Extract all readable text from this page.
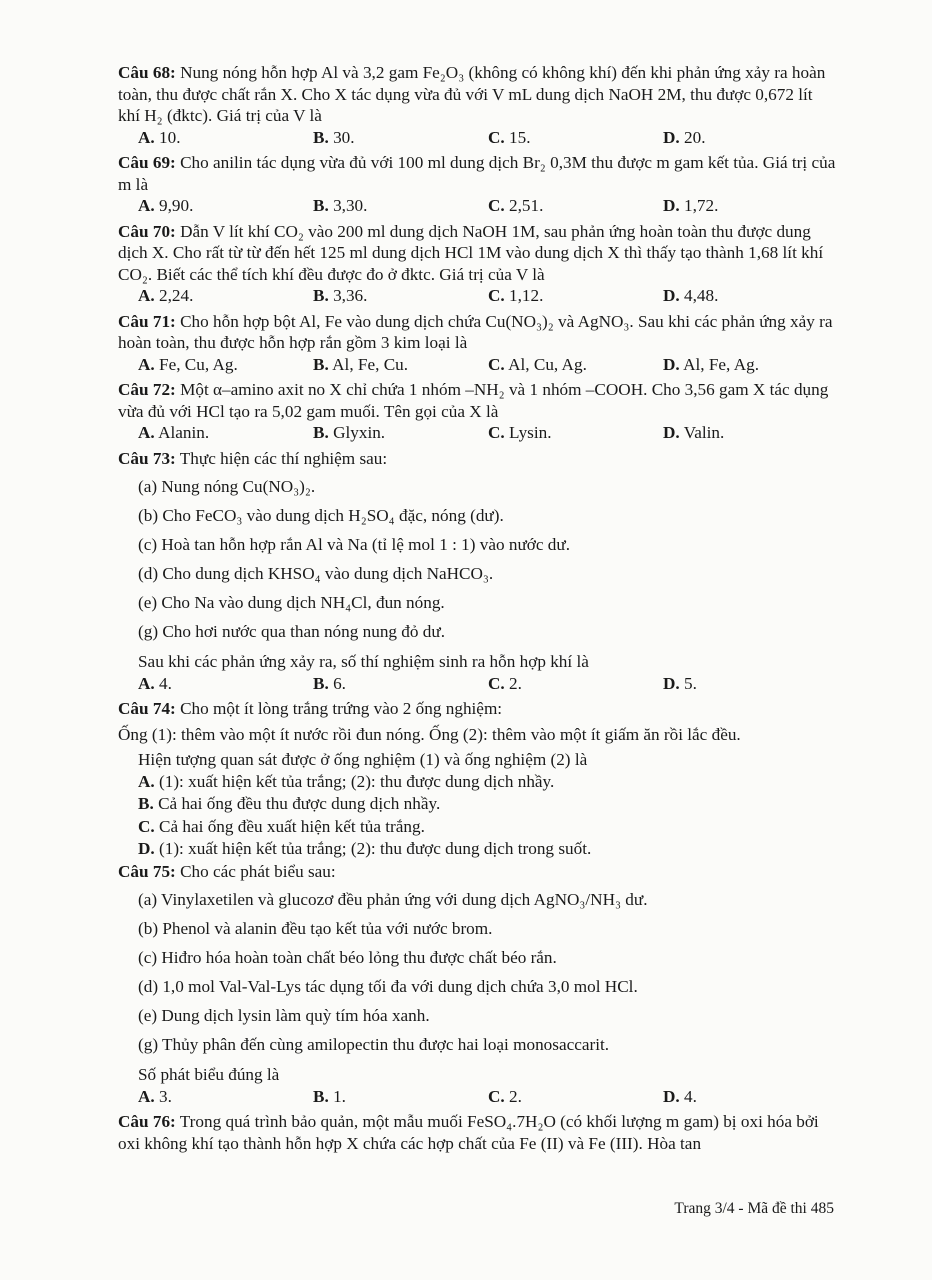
Câu 68: Nung nóng hỗn hợp Al và 3,2 gam Fe₂O₃ (không có không khí) đến khi phản ứng xảy ra hoàn toàn, thu được chất rắn X. Cho X tác dụng vừa đủ với V mL dung dịch NaOH 2M, thu được 0,672 lít khí H₂ (đktc). Giá trị của V là

A. 10.	B. 30.	C. 15.	D. 20.

Câu 69: Cho anilin tác dụng vừa đủ với 100 ml dung dịch Br₂ 0,3M thu được m gam kết tủa. Giá trị của m là

A. 9,90.	B. 3,30.	C. 2,51.	D. 1,72.

Câu 70: Dẫn V lít khí CO₂ vào 200 ml dung dịch NaOH 1M, sau phản ứng hoàn toàn thu được dung dịch X. Cho rất từ từ đến hết 125 ml dung dịch HCl 1M vào dung dịch X thì thấy tạo thành 1,68 lít khí CO₂. Biết các thể tích khí đều được đo ở đktc. Giá trị của V là

A. 2,24.	B. 3,36.	C. 1,12.	D. 4,48.

Câu 71: Cho hỗn hợp bột Al, Fe vào dung dịch chứa Cu(NO₃)₂ và AgNO₃. Sau khi các phản ứng xảy ra hoàn toàn, thu được hỗn hợp rắn gồm 3 kim loại là

A. Fe, Cu, Ag.	B. Al, Fe, Cu.	C. Al, Cu, Ag.	D. Al, Fe, Ag.

Câu 72: Một α–amino axit no X chỉ chứa 1 nhóm –NH₂ và 1 nhóm –COOH. Cho 3,56 gam X tác dụng vừa đủ với HCl tạo ra 5,02 gam muối. Tên gọi của X là

A. Alanin.	B. Glyxin.	C. Lysin.	D. Valin.

Câu 73: Thực hiện các thí nghiệm sau:

(a) Nung nóng Cu(NO₃)₂.

(b) Cho FeCO₃ vào dung dịch H₂SO₄ đặc, nóng (dư).

(c) Hoà tan hỗn hợp rắn Al và Na (tỉ lệ mol 1 : 1) vào nước dư.

(d) Cho dung dịch KHSO₄ vào dung dịch NaHCO₃.

(e) Cho Na vào dung dịch NH₄Cl, đun nóng.

(g) Cho hơi nước qua than nóng nung đỏ dư.

Sau khi các phản ứng xảy ra, số thí nghiệm sinh ra hỗn hợp khí là

A. 4.	B. 6.	C. 2.	D. 5.

Câu 74: Cho một ít lòng trắng trứng vào 2 ống nghiệm:

Ống (1): thêm vào một ít nước rồi đun nóng. Ống (2): thêm vào một ít giấm ăn rồi lắc đều.

Hiện tượng quan sát được ở ống nghiệm (1) và ống nghiệm (2) là

A. (1): xuất hiện kết tủa trắng; (2): thu được dung dịch nhầy.

B. Cả hai ống đều thu được dung dịch nhầy.

C. Cả hai ống đều xuất hiện kết tủa trắng.

D. (1): xuất hiện kết tủa trắng; (2): thu được dung dịch trong suốt.

Câu 75: Cho các phát biểu sau:

(a) Vinylaxetilen và glucozơ đều phản ứng với dung dịch AgNO₃/NH₃ dư.

(b) Phenol và alanin đều tạo kết tủa với nước brom.

(c) Hiđro hóa hoàn toàn chất béo lỏng thu được chất béo rắn.

(d) 1,0 mol Val-Val-Lys tác dụng tối đa với dung dịch chứa 3,0 mol HCl.

(e) Dung dịch lysin làm quỳ tím hóa xanh.

(g) Thủy phân đến cùng amilopectin thu được hai loại monosaccarit.

Số phát biểu đúng là

A. 3.	B. 1.	C. 2.	D. 4.

Câu 76: Trong quá trình bảo quản, một mẫu muối FeSO₄.7H₂O (có khối lượng m gam) bị oxi hóa bởi oxi không khí tạo thành hỗn hợp X chứa các hợp chất của Fe (II) và Fe (III). Hòa tan

Trang 3/4 - Mã đề thi 485
